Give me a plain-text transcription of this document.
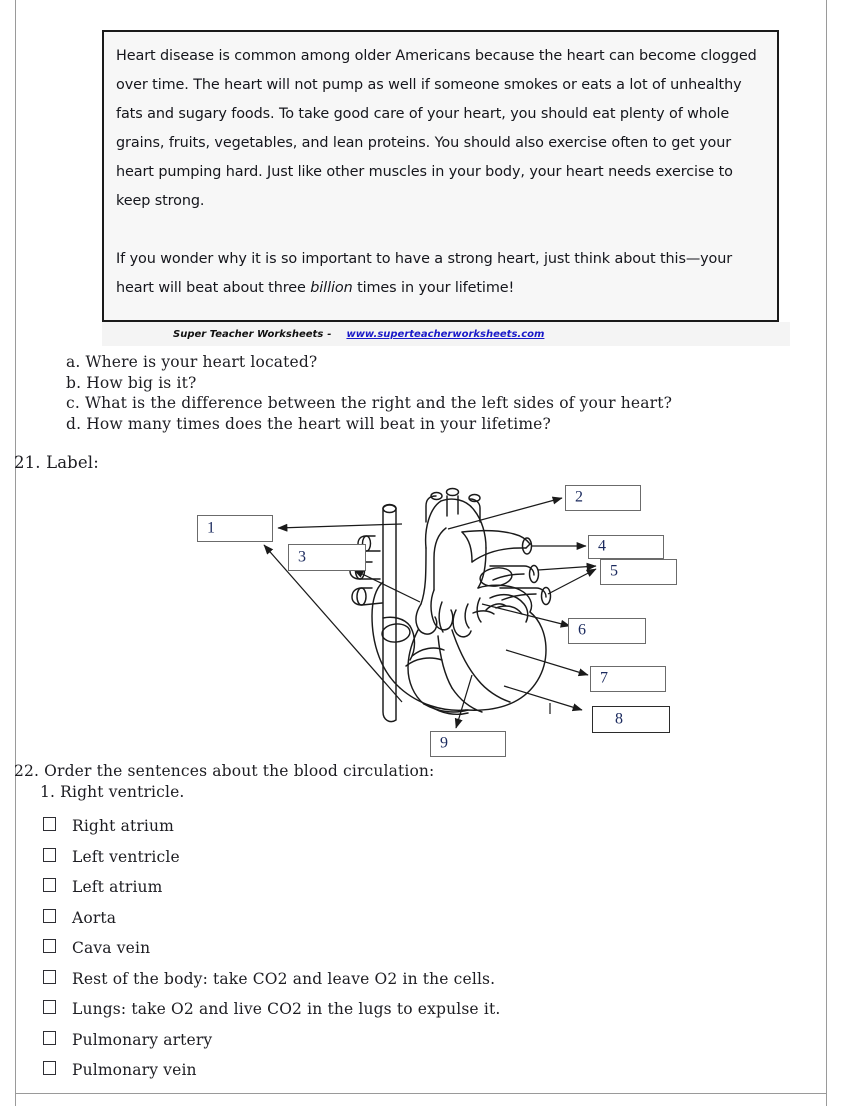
Heart disease is common among older Americans because the heart can become clogged over time. The heart will not pump as well if someone smokes or eats a lot of unhealthy fats and sugary foods. To take good care of your heart, you should eat plenty of whole grains, fruits, vegetables, and lean proteins. You should also exercise often to get your heart pumping hard. Just like other muscles in your body, your heart needs exercise to keep strong.

If you wonder why it is so important to have a strong heart, just think about this—your heart will beat about three billion times in your lifetime!

Super Teacher Worksheets - www.superteacherworksheets.com
a. Where is your heart located?
b. How big is it?
c. What is the difference between the right and the left sides of your heart?
d. How many times does the heart will beat in your lifetime?
21. Label:
1
2
3
4
5
6
7
8
9
22. Order the sentences about the blood circulation:
1. Right ventricle.
Right atrium
Left ventricle
Left atrium
Aorta
Cava vein
Rest of the body: take CO2 and leave O2 in the cells.
Lungs: take O2 and live CO2 in the lugs to expulse it.
Pulmonary artery
Pulmonary vein
